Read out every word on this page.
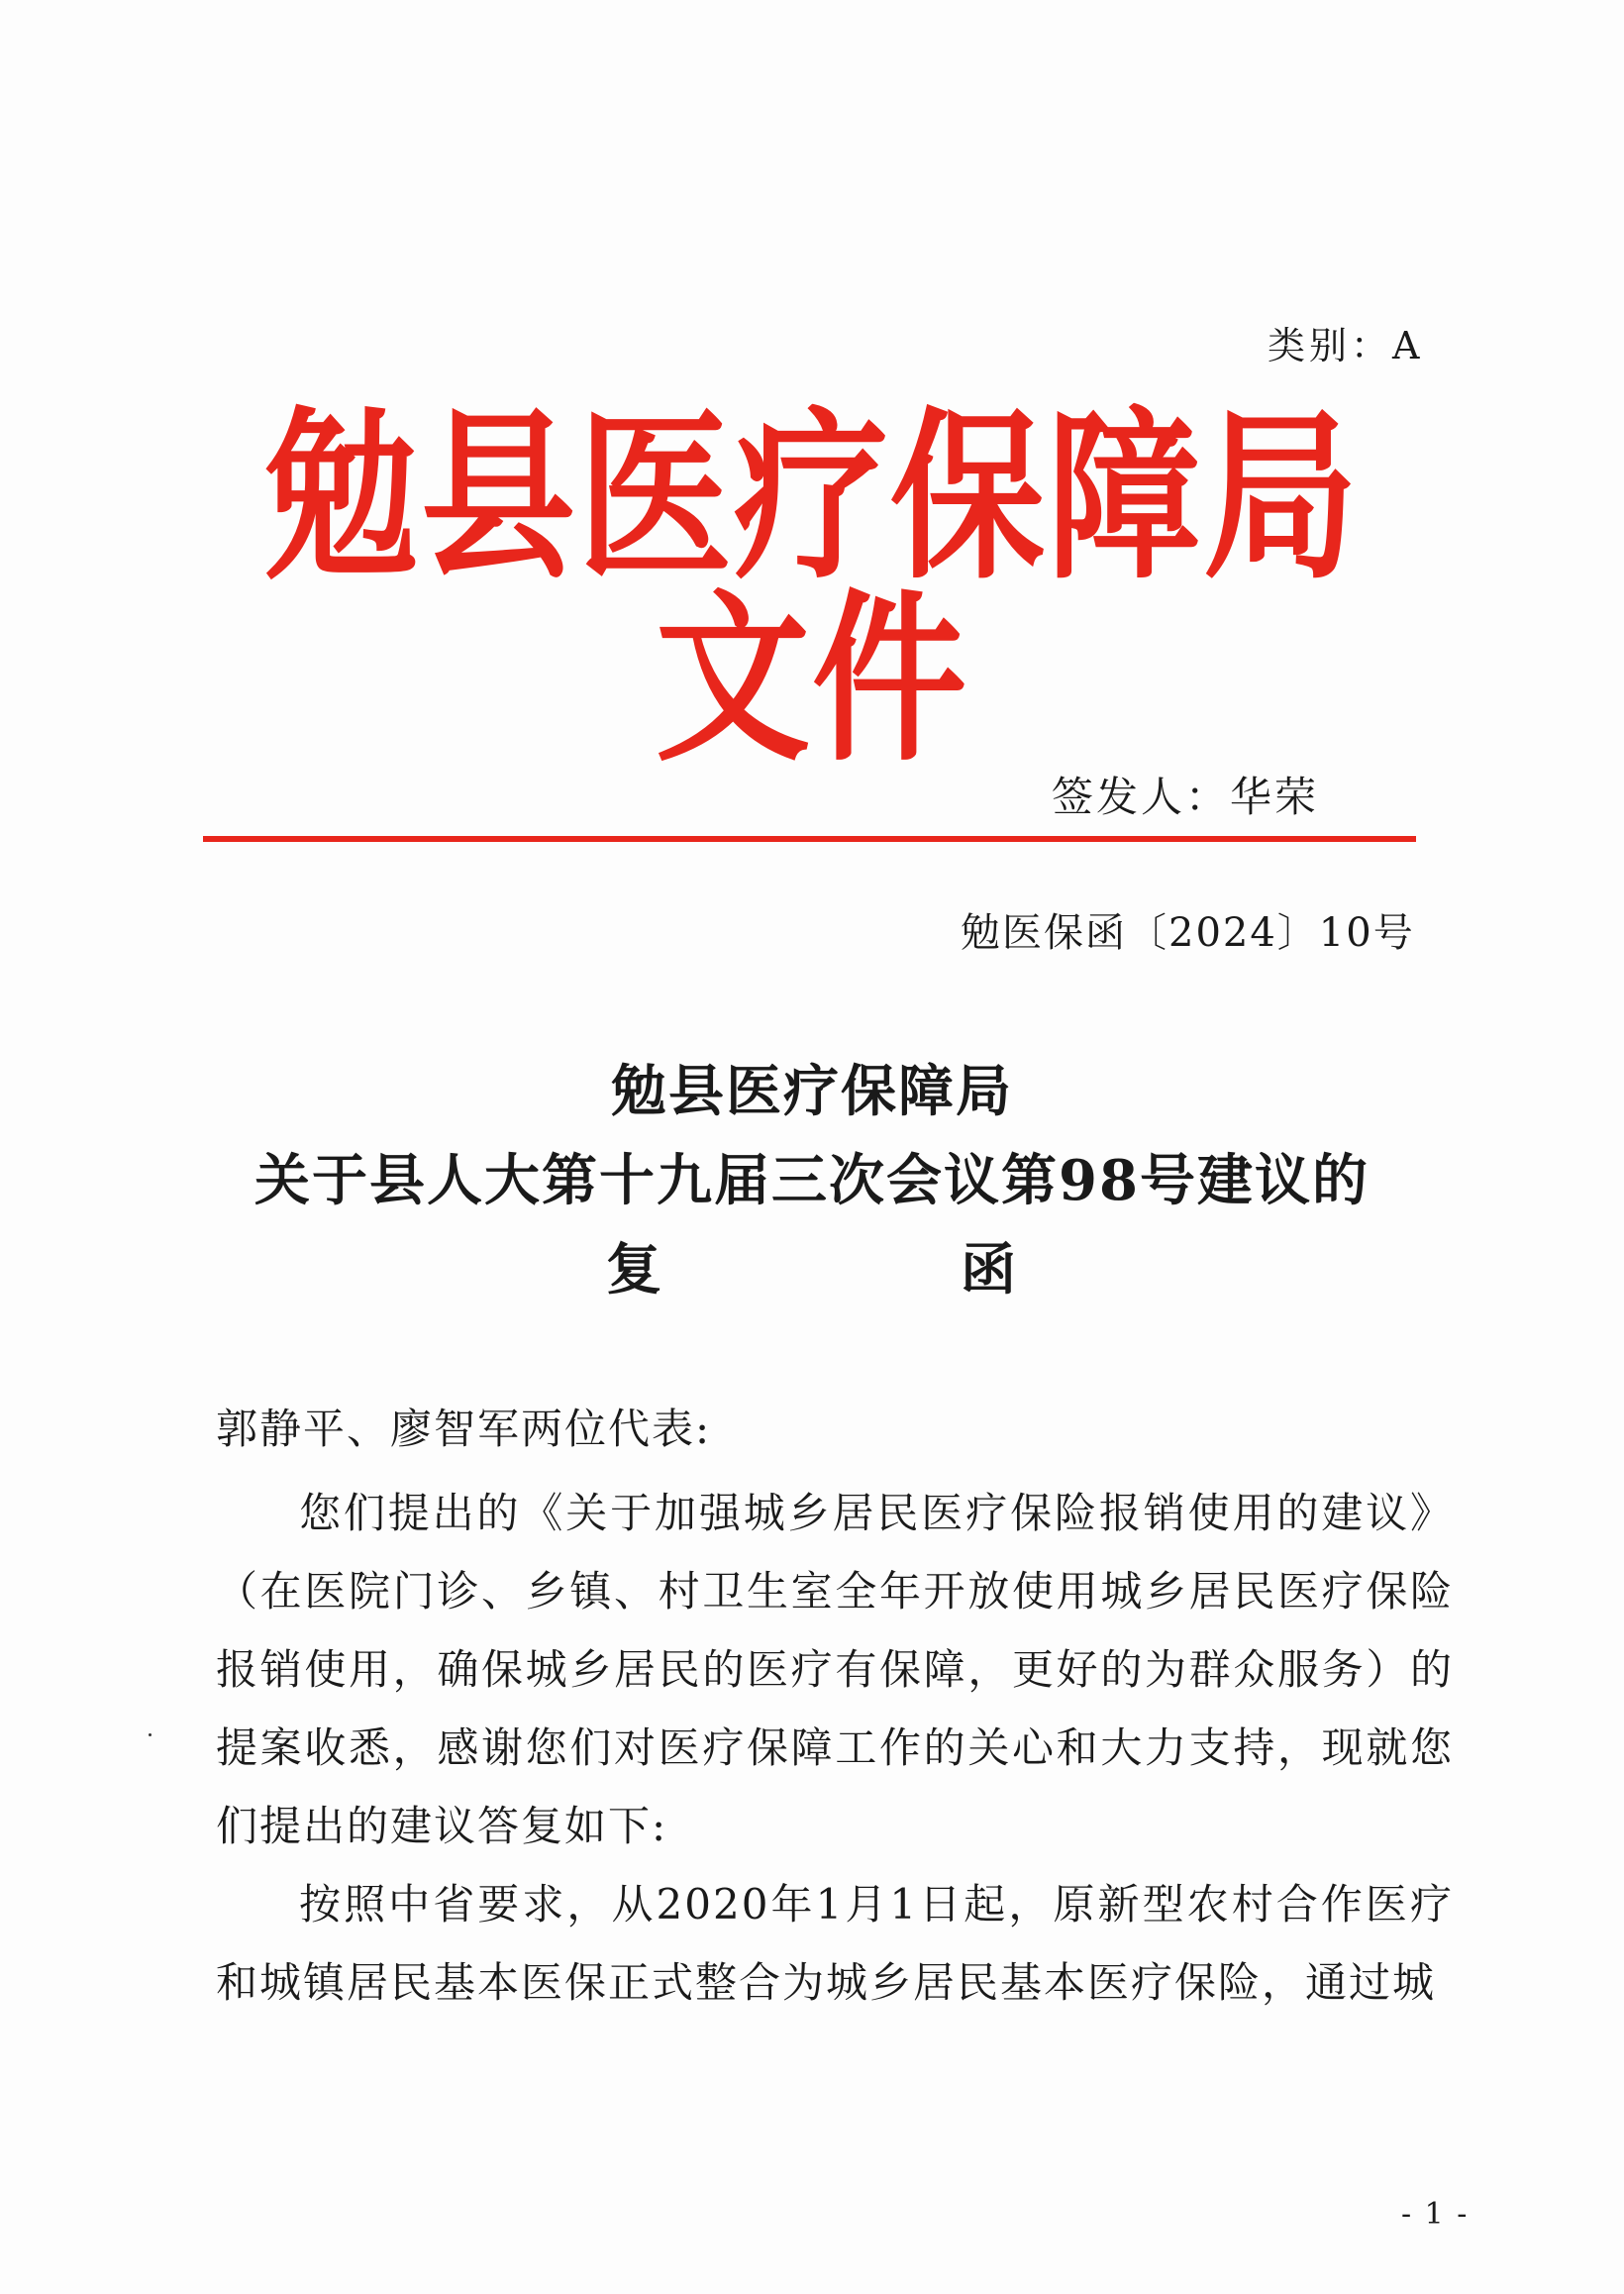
类别：A
勉县医疗保障局文件
签发人：华荣
勉医保函〔2024〕10号
勉县医疗保障局
关于县人大第十九届三次会议第98号建议的
复	函
郭静平、廖智军两位代表:

您们提出的《关于加强城乡居民医疗保险报销使用的建议》（在医院门诊、乡镇、村卫生室全年开放使用城乡居民医疗保险报销使用，确保城乡居民的医疗有保障，更好的为群众服务）的提案收悉，感谢您们对医疗保障工作的关心和大力支持，现就您们提出的建议答复如下:

按照中省要求，从2020年1月1日起，原新型农村合作医疗和城镇居民基本医保正式整合为城乡居民基本医疗保险，通过城

- 1 -
